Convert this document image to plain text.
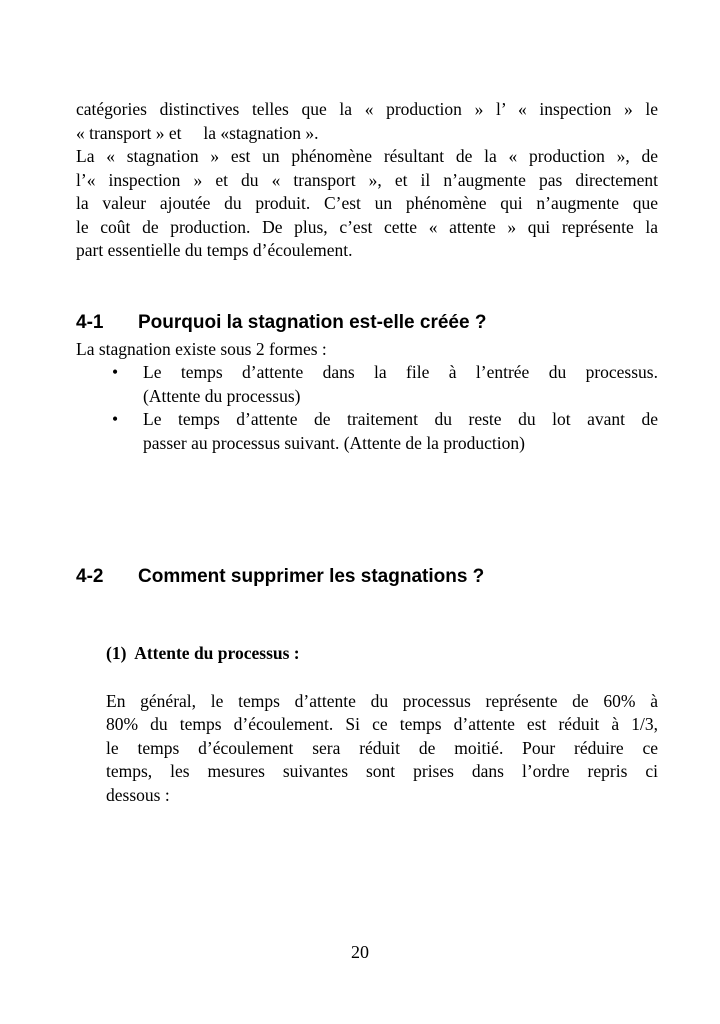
catégories distinctives telles que la « production » l’ « inspection » le
« transport » et     la «stagnation ».
La « stagnation » est un phénomène résultant de la « production », de
l’« inspection » et du « transport », et il n’augmente pas directement
la valeur ajoutée du produit. C’est un phénomène qui n’augmente que
le coût de production. De plus, c’est cette « attente » qui représente la
part essentielle du temps d’écoulement.
4-1	Pourquoi la stagnation est-elle créée ?

La stagnation existe sous 2 formes :

• Le temps d’attente dans la file à l’entrée du processus.
(Attente du processus)
• Le temps d’attente de traitement du reste du lot avant de
passer au processus suivant. (Attente de la production)
4-2	Comment supprimer les stagnations ?

(1)  Attente du processus :

En général, le temps d’attente du processus représente de 60% à
80% du temps d’écoulement. Si ce temps d’attente est réduit à 1/3,
le temps d’écoulement sera réduit de moitié. Pour réduire ce
temps, les mesures suivantes sont prises dans l’ordre repris ci
dessous :
20
